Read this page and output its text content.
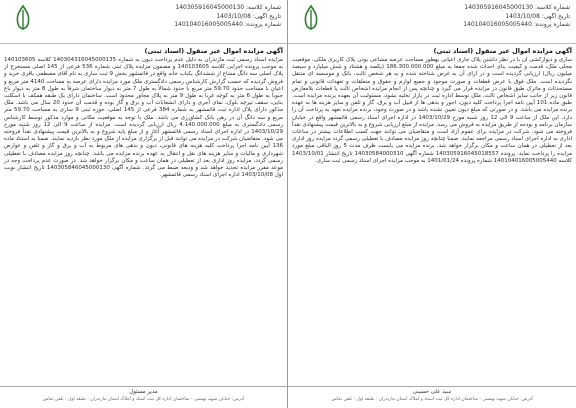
شماره کلاسه: 140305916045000130
تاریخ اگهی: 1403/10/08
شماره پرونده: 140104016005005440
آگهی مزایده اموال غیر منقول (اسناد ثبتی)
ساری و دیوارکشی آن با در نظر داشتن پلاک جاری اعیانی بهطور مساحت عرصه مشاعی بودن پلاک کاربری ملکی، موقعیت محلی ملک، قدمت و کیفیت بنای احداث شده جمعا به مبلغ 186.300.000.000 (یکصد و هشتاد و شش میلیارد و سیصد میلیون ریال) ارزیابی گردیده است و در ازای آن به غرض شناخته شده و به هر شخص ثالث، بانک و موسسه ای منتقل نگردیده است. ملک فوق با عرض قطعات و صورت موجود و جمیع لوازم و حقوق و متعلقات و تعهدات قانونی و تمام مستحدثات و ماترک طبق قانون در مزایده قرار می گیرد و چنانچه پس از انجام مزایده اشخاص ثالث یا قطعات بلامعارض قانون زیر از جانب سایر اشخاص ثالث، ملک توسط اداره ثبت در بازار تخلیه نشود، مسئولیت آن بعهده برنده مزایده است. طبق ماده 101 آیین نامه اجرا پرداخت کلیه دیون، اجور و بدهی ها از قبیل آب و برق، گاز و تلفن و سایر هزینه ها به عهده برنده مزایده می باشد. و در صورتی که مبلغ دیون تعیین نشده باشد و در صورت وجود، برنده مزایده تعهد به پرداخت آن را دارد. این ملک از ساعت 9 الی 12 روز شنبه مورخ 1403/10/29 در اداره اجرای اسناد رسمی قائمشهر واقع در خیابان سازمان برنامه و بودجه از طریق مزایده به فروش می رسد. مزایده از مبلغ ارزیابی شروع و به بالاترین قیمت پیشنهادی نقداً فروخته می شود. شرکت در مزایده برای عموم آزاد است و متقاضیان می توانند جهت کسب اطلاعات بیشتر در ساعات اداری به اداره اجرای اسناد رسمی مراجعه نمایند. ضمنا چنانچه روز مزایده مصادف با تعطیلی رسمی گردد مزایده روز اداری بعد از تعطیلی در همان ساعت و مکان برگزار خواهد شد. برنده مزایده می بایست ظرف مدت 5 روز الباقی مبلغ مورد مزایده را پرداخت نماید. پرونده 140305916045018557 شماره آگهی 14030584000310 تاریخ انتشار 1403/10/01 کلاسه 140104016005005440 شماره پرونده 1401/01/24 به موجب مزایده اجرای اسناد رسمی ثبت ساری.
سید علی حسینی
آدرس: خیابان شهید بهشتی - ساختمان اداره کل ثبت اسناد و املاک استان مازندران - طبقه اول - تلفن تماس
شماره کلاسه: 140305916045000130
تاریخ اگهی: 1403/10/08
شماره پرونده: 140104016005005440
آگهی مزایده اموال غیر منقول (اسناد ثبتی)
مزایده اسناد رسمی ثبت مازندران به دلیل عدم پرداخت دیون به شماره 140304316045000135 کلاسه 140103605 به موجب پرونده اجرایی کلاسه 140103605 و مضمون مزایده پلاک ثبتی شماره 536 فرعی از 145 اصلی مستخرج از پلاک اصلی سه دانگ مشاع از ششدانگ یکباب خانه واقع در قائمشهر بخش 9 ثبت ساری به نام آقای مصطفی باقری خرید و فروش گردیده که حسب گزارش کارشناس رسمی دادگستری ملک مورد مزایده دارای عرصه به مساحت 4140 متر مربع و اعیان با مساحت حدود 59.70 متر مربع با حدود شمالاً به طول 7 متر به دیوار ساختمان شرقاً به طول 8 متر به دیوار باغ جنوباً به طول 6 متر به کوچه غربا به طول 9 متر به پلاک مجاور محدود است. ساختمان دارای یک طبقه همکف با اسکلت بنایی، سقف تیرچه بلوک، نمای آجری و دارای انشعابات آب و برق و گاز بوده و قدمت آن حدود 20 سال می باشد. ملک مذکور دارای پلاک اداره ثبت قائمشهر به شماره 384 فرعی از 145 اصلی، حوزه ثبتی 9 ساری به مساحت 59.70 متر مربع و سه دانگ آن در رهن بانک کشاورزی می باشد. ملک با توجه به موقعیت مکانی و موارد مذکور توسط کارشناس رسمی دادگستری به مبلغ 4.140.000.000 ریال ارزیابی گردیده است. مزایده از ساعت 9 الی 12 روز شنبه مورخ 1403/10/29 در اداره اجرای اسناد رسمی قائمشهر آغاز و از مبلغ پایه شروع و به بالاترین قیمت پیشنهادی نقداً فروخته می شود. متقاضیان شرکت در مزایده می توانند قبل از برگزاری مزایده از ملک مورد نظر بازدید نمایند. ضمنا به استناد ماده 136 آیین نامه اجرا پرداخت کلیه هزینه های قانونی، دیون و بدهی های مربوط به آب و برق و گاز و تلفن و عوارض شهرداری و مالیات و سایر هزینه های نقل و انتقال به عهده برنده مزایده می باشد. چنانچه روز مزایده مصادف با تعطیلی رسمی گردد، مزایده روز اداری بعد از تعطیلی در همان ساعت و مکان برگزار خواهد شد. در صورت عدم پرداخت وجه در موعد مقرر مزایده تجدید خواهد شد و ودیعه ضبط می گردد. شماره آگهی 140305846045000130 تاریخ انتشار نوبت اول 1403/10/08 اداره اجرای اسناد رسمی قائمشهر.
مدیر مسئول
آدرس: خیابان شهید بهشتی - ساختمان اداره کل ثبت اسناد و املاک استان مازندران - طبقه اول - تلفن تماس
